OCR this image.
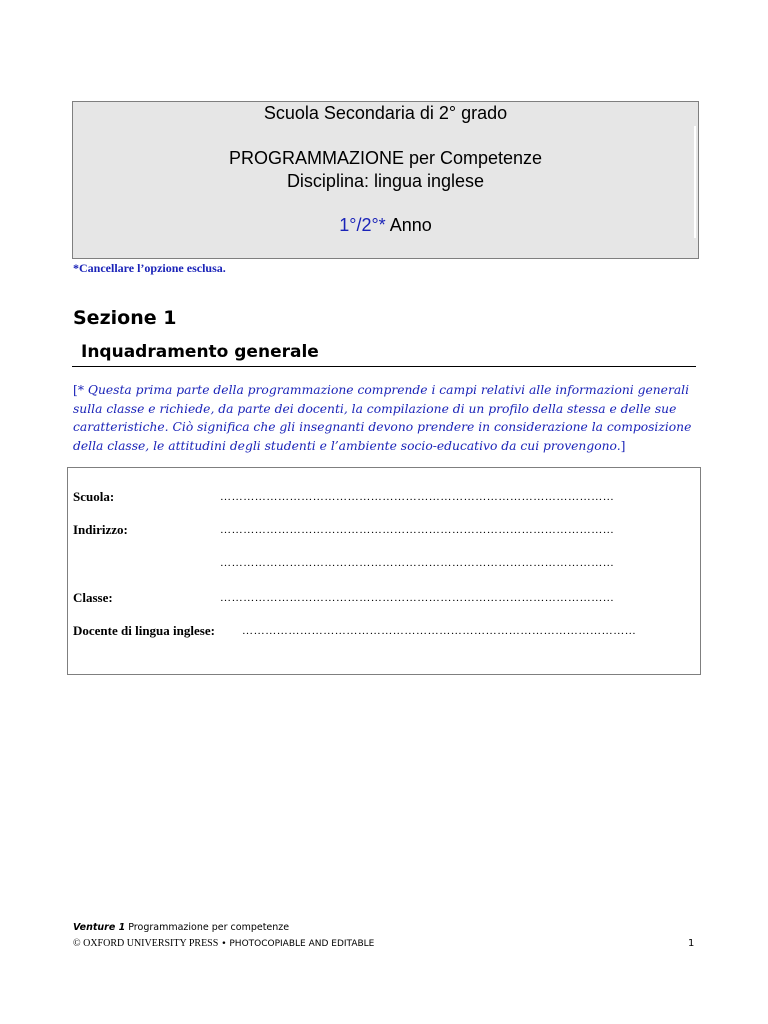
Scuola Secondaria di 2° grado
PROGRAMMAZIONE per Competenze
Disciplina: lingua inglese
1°/2°* Anno
*Cancellare l’opzione esclusa.
Sezione 1
Inquadramento generale
[* Questa prima parte della programmazione comprende i campi relativi alle informazioni generali sulla classe e richiede, da parte dei docenti, la compilazione di un profilo della stessa e delle sue caratteristiche. Ciò significa che gli insegnanti devono prendere in considerazione la composizione della classe, le attitudini degli studenti e l’ambiente socio-educativo da cui provengono.]
Scuola:	…………………………………………………………………………………………
Indirizzo:	…………………………………………………………………………………………
…………………………………………………………………………………………
Classe:	…………………………………………………………………………………………
Docente di lingua inglese: …………………………………………………………………………………………
Venture 1 Programmazione per competenze
© OXFORD UNIVERSITY PRESS • PHOTOCOPIABLE AND EDITABLE	1
